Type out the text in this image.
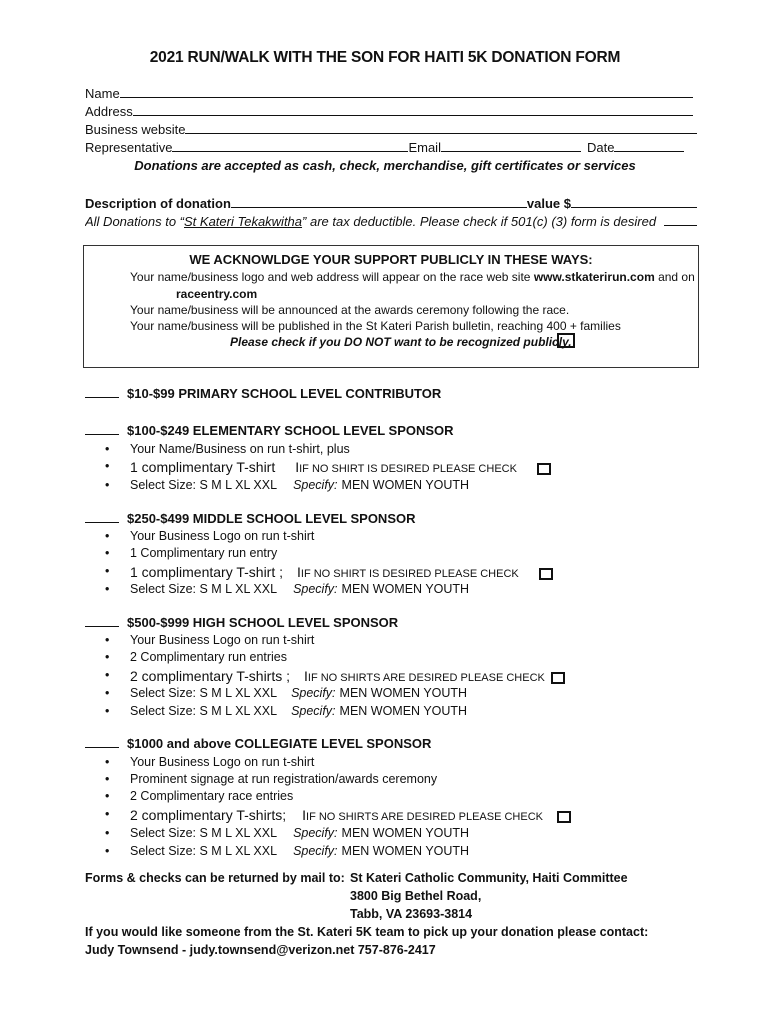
2021 RUN/WALK WITH THE SON FOR HAITI 5K DONATION FORM
Name
Address
Business website
Representative	Email	Date
Donations are accepted as cash, check, merchandise, gift certificates or services
Description of donation	value $
All Donations to “St Kateri Tekakwitha” are tax deductible. Please check if 501(c) (3) form is desired
WE ACKNOWLDGE YOUR SUPPORT PUBLICLY IN THESE WAYS:
Your name/business logo and web address will appear on the race web site www.stkaterirun.com and on
raceentry.com
Your name/business will be announced at the awards ceremony following the race.
Your name/business will be published in the St Kateri Parish bulletin, reaching 400 + families
Please check if you DO NOT want to be recognized publicly.
$10-$99 PRIMARY SCHOOL LEVEL CONTRIBUTOR
$100-$249 ELEMENTARY SCHOOL LEVEL SPONSOR
• Your Name/Business on run t-shirt, plus
• 1 complimentary T-shirt IIF NO SHIRT IS DESIRED PLEASE CHECK
• Select Size: S M L XL XXL Specify: MEN WOMEN YOUTH
$250-$499 MIDDLE SCHOOL LEVEL SPONSOR
• Your Business Logo on run t-shirt
• 1 Complimentary run entry
• 1 complimentary T-shirt ; IIF NO SHIRT IS DESIRED PLEASE CHECK
• Select Size: S M L XL XXL Specify: MEN WOMEN YOUTH
$500-$999 HIGH SCHOOL LEVEL SPONSOR
• Your Business Logo on run t-shirt
• 2 Complimentary run entries
• 2 complimentary T-shirts ; IIF NO SHIRTS ARE DESIRED PLEASE CHECK
• Select Size: S M L XL XXL Specify: MEN WOMEN YOUTH
• Select Size: S M L XL XXL Specify: MEN WOMEN YOUTH
$1000 and above COLLEGIATE LEVEL SPONSOR
• Your Business Logo on run t-shirt
• Prominent signage at run registration/awards ceremony
• 2 Complimentary race entries
• 2 complimentary T-shirts; IIF NO SHIRTS ARE DESIRED PLEASE CHECK
• Select Size: S M L XL XXL Specify: MEN WOMEN YOUTH
• Select Size: S M L XL XXL Specify: MEN WOMEN YOUTH
Forms & checks can be returned by mail to: St Kateri Catholic Community, Haiti Committee
3800 Big Bethel Road,
Tabb, VA 23693-3814
If you would like someone from the St. Kateri 5K team to pick up your donation please contact:
Judy Townsend - judy.townsend@verizon.net 757-876-2417
